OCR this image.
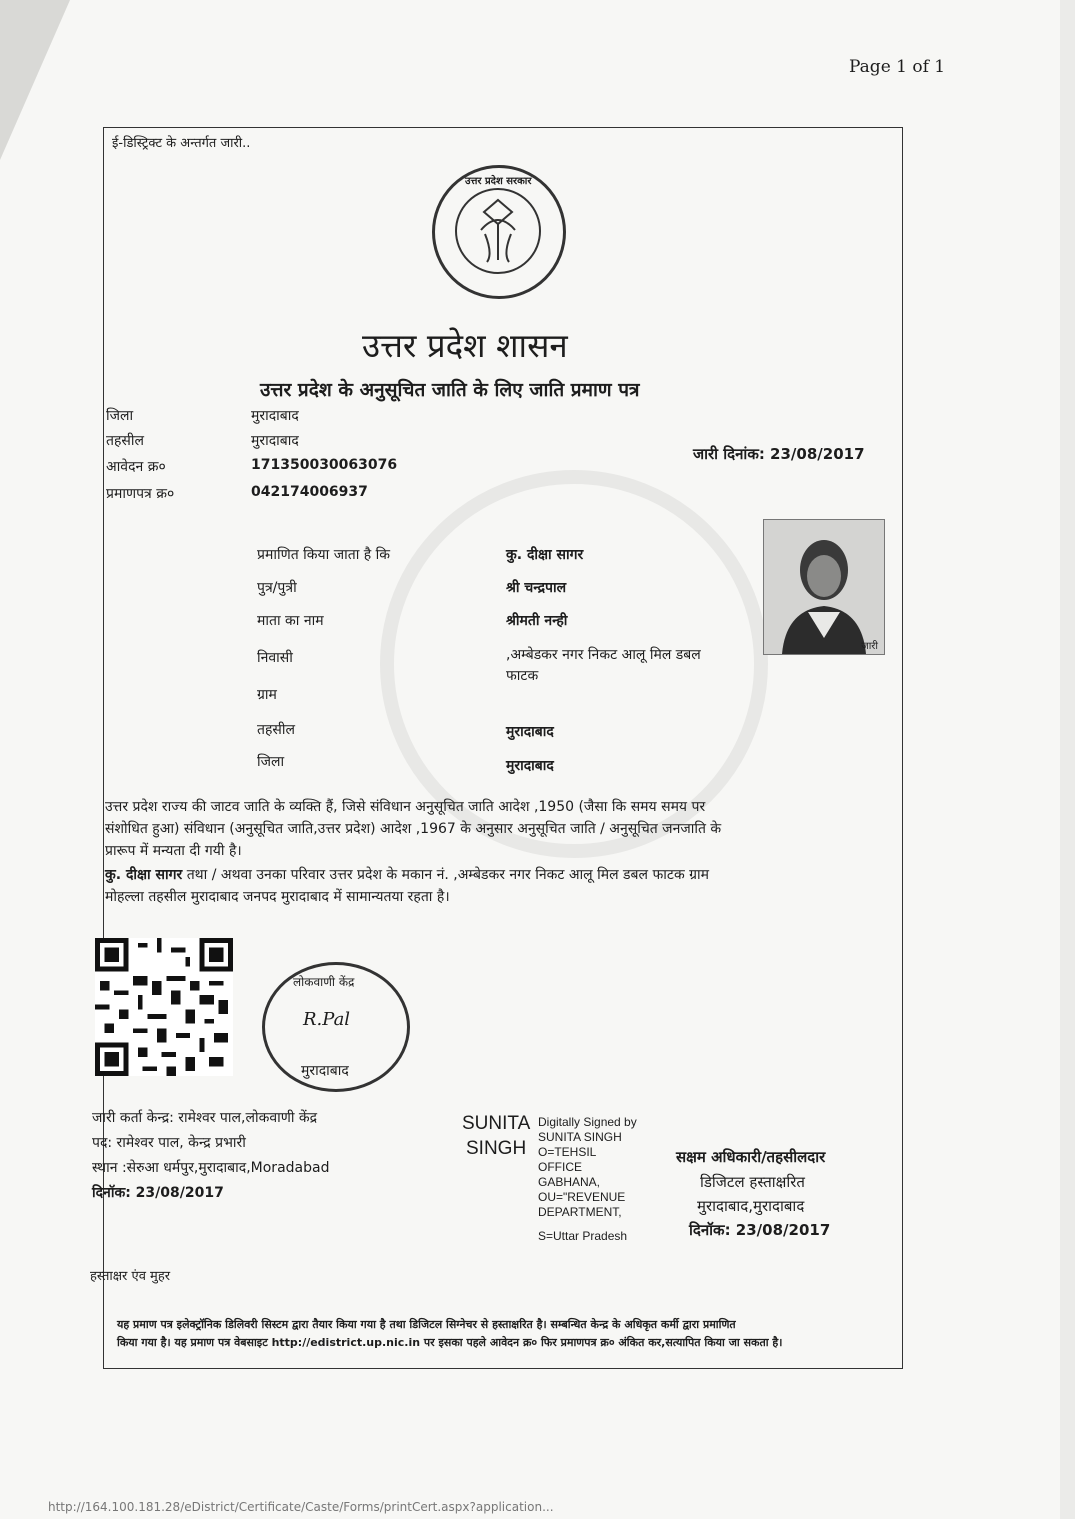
Page 1 of 1
ई-डिस्ट्रिक्ट के अन्तर्गत जारी..
उत्तर प्रदेश सरकार
उत्तर प्रदेश शासन
उत्तर प्रदेश के अनुसूचित जाति के लिए जाति प्रमाण पत्र
जिला	मुरादाबाद
तहसील	मुरादाबाद
आवेदन क्र०	171350030063076
प्रमाणपत्र क्र०	042174006937
जारी दिनांक: 23/08/2017
प्रमाणित किया जाता है कि	कु. दीक्षा सागर
पुत्र/पुत्री	श्री चन्द्रपाल
माता का नाम	श्रीमती नन्ही
निवासी	,अम्बेडकर नगर निकट आलू मिल डबल
फाटक
ग्राम
तहसील	मुरादाबाद
जिला	मुरादाबाद
जारी
उत्तर प्रदेश राज्य की जाटव जाति के व्यक्ति हैं, जिसे संविधान अनुसूचित जाति आदेश ,1950 (जैसा कि समय समय पर
संशोधित हुआ) संविधान (अनुसूचित जाति,उत्तर प्रदेश) आदेश ,1967 के अनुसार अनुसूचित जाति / अनुसूचित जनजाति के
प्रारूप में मन्यता दी गयी है।
कु. दीक्षा सागर तथा / अथवा उनका परिवार उत्तर प्रदेश के मकान नं. ,अम्बेडकर नगर निकट आलू मिल डबल फाटक ग्राम
मोहल्ला तहसील मुरादाबाद जनपद मुरादाबाद में सामान्यतया रहता है।
लोकवाणी केंद्र
मुरादाबाद
R.Pal
जारी कर्ता केन्द्र: रामेश्वर पाल,लोकवाणी केंद्र
पद: रामेश्वर पाल, केन्द्र प्रभारी
स्थान :सेरुआ धर्मपुर,मुरादाबाद,Moradabad
दिनॉक: 23/08/2017
SUNITA
SINGH
Digitally Signed by
SUNITA SINGH
O=TEHSIL
OFFICE
GABHANA,
OU="REVENUE
DEPARTMENT,
S=Uttar Pradesh
सक्षम अधिकारी/तहसीलदार
डिजिटल हस्ताक्षरित
मुरादाबाद,मुरादाबाद
दिनॉक: 23/08/2017
हस्ताक्षर एंव मुहर
यह प्रमाण पत्र इलेक्ट्रॉनिक डिलिवरी सिस्टम द्वारा तैयार किया गया है तथा डिजिटल सिग्नेचर से हस्ताक्षरित है। सम्बन्धित केन्द्र के अधिकृत कर्मी द्वारा प्रमाणित
किया गया है। यह प्रमाण पत्र वेबसाइट http://edistrict.up.nic.in पर इसका पहले आवेदन क्र० फिर प्रमाणपत्र क्र० अंकित कर,सत्यापित किया जा सकता है।
http://164.100.181.28/eDistrict/Certificate/Caste/Forms/printCert.aspx?application...
